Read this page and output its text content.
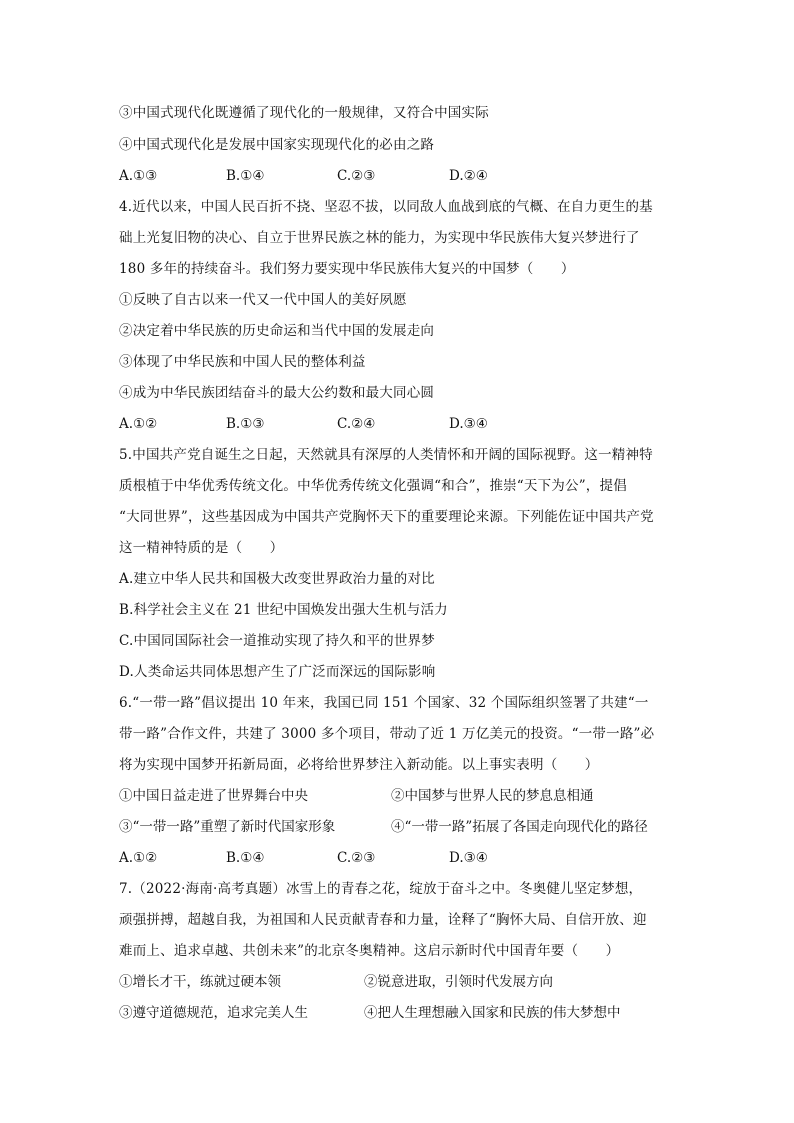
③中国式现代化既遵循了现代化的一般规律，又符合中国实际
④中国式现代化是发展中国家实现现代化的必由之路
A.①③	B.①④	C.②③	D.②④
4.近代以来，中国人民百折不挠、坚忍不拔，以同敌人血战到底的气概、在自力更生的基
础上光复旧物的决心、自立于世界民族之林的能力，为实现中华民族伟大复兴梦进行了
180 多年的持续奋斗。我们努力要实现中华民族伟大复兴的中国梦（　　）
①反映了自古以来一代又一代中国人的美好夙愿
②决定着中华民族的历史命运和当代中国的发展走向
③体现了中华民族和中国人民的整体利益
④成为中华民族团结奋斗的最大公约数和最大同心圆
A.①②	B.①③	C.②④	D.③④
5.中国共产党自诞生之日起，天然就具有深厚的人类情怀和开阔的国际视野。这一精神特
质根植于中华优秀传统文化。中华优秀传统文化强调“和合”，推崇“天下为公”，提倡
“大同世界”，这些基因成为中国共产党胸怀天下的重要理论来源。下列能佐证中国共产党
这一精神特质的是（　　）
A.建立中华人民共和国极大改变世界政治力量的对比
B.科学社会主义在 21 世纪中国焕发出强大生机与活力
C.中国同国际社会一道推动实现了持久和平的世界梦
D.人类命运共同体思想产生了广泛而深远的国际影响
6.“一带一路”倡议提出 10 年来，我国已同 151 个国家、32 个国际组织签署了共建“一
带一路”合作文件，共建了 3000 多个项目，带动了近 1 万亿美元的投资。“一带一路”必
将为实现中国梦开拓新局面，必将给世界梦注入新动能。以上事实表明（　　）
①中国日益走进了世界舞台中央	②中国梦与世界人民的梦息息相通
③“一带一路”重塑了新时代国家形象	④“一带一路”拓展了各国走向现代化的路径
A.①②	B.①④	C.②③	D.③④
7.（2022·海南·高考真题）冰雪上的青春之花，绽放于奋斗之中。冬奥健儿坚定梦想，
顽强拼搏，超越自我，为祖国和人民贡献青春和力量，诠释了“胸怀大局、自信开放、迎
难而上、追求卓越、共创未来”的北京冬奥精神。这启示新时代中国青年要（　　）
①增长才干，练就过硬本领	②锐意进取，引领时代发展方向
③遵守道德规范，追求完美人生	④把人生理想融入国家和民族的伟大梦想中
